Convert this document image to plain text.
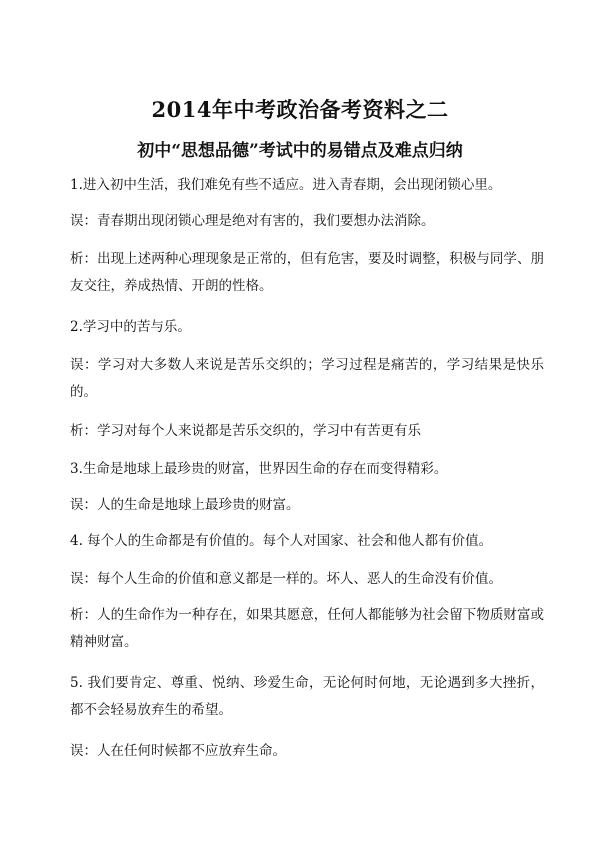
2014年中考政治备考资料之二
初中“思想品德”考试中的易错点及难点归纳

1.进入初中生活，我们难免有些不适应。进入青春期，会出现闭锁心里。

误：青春期出现闭锁心理是绝对有害的，我们要想办法消除。

析：出现上述两种心理现象是正常的，但有危害，要及时调整，积极与同学、朋友交往，养成热情、开朗的性格。

2.学习中的苦与乐。

误：学习对大多数人来说是苦乐交织的；学习过程是痛苦的，学习结果是快乐的。

析：学习对每个人来说都是苦乐交织的，学习中有苦更有乐

3.生命是地球上最珍贵的财富，世界因生命的存在而变得精彩。

误：人的生命是地球上最珍贵的财富。

4. 每个人的生命都是有价值的。每个人对国家、社会和他人都有价值。

误：每个人生命的价值和意义都是一样的。坏人、恶人的生命没有价值。

析：人的生命作为一种存在，如果其愿意，任何人都能够为社会留下物质财富或精神财富。

5. 我们要肯定、尊重、悦纳、珍爱生命，无论何时何地，无论遇到多大挫折，都不会轻易放弃生的希望。

误：人在任何时候都不应放弃生命。
